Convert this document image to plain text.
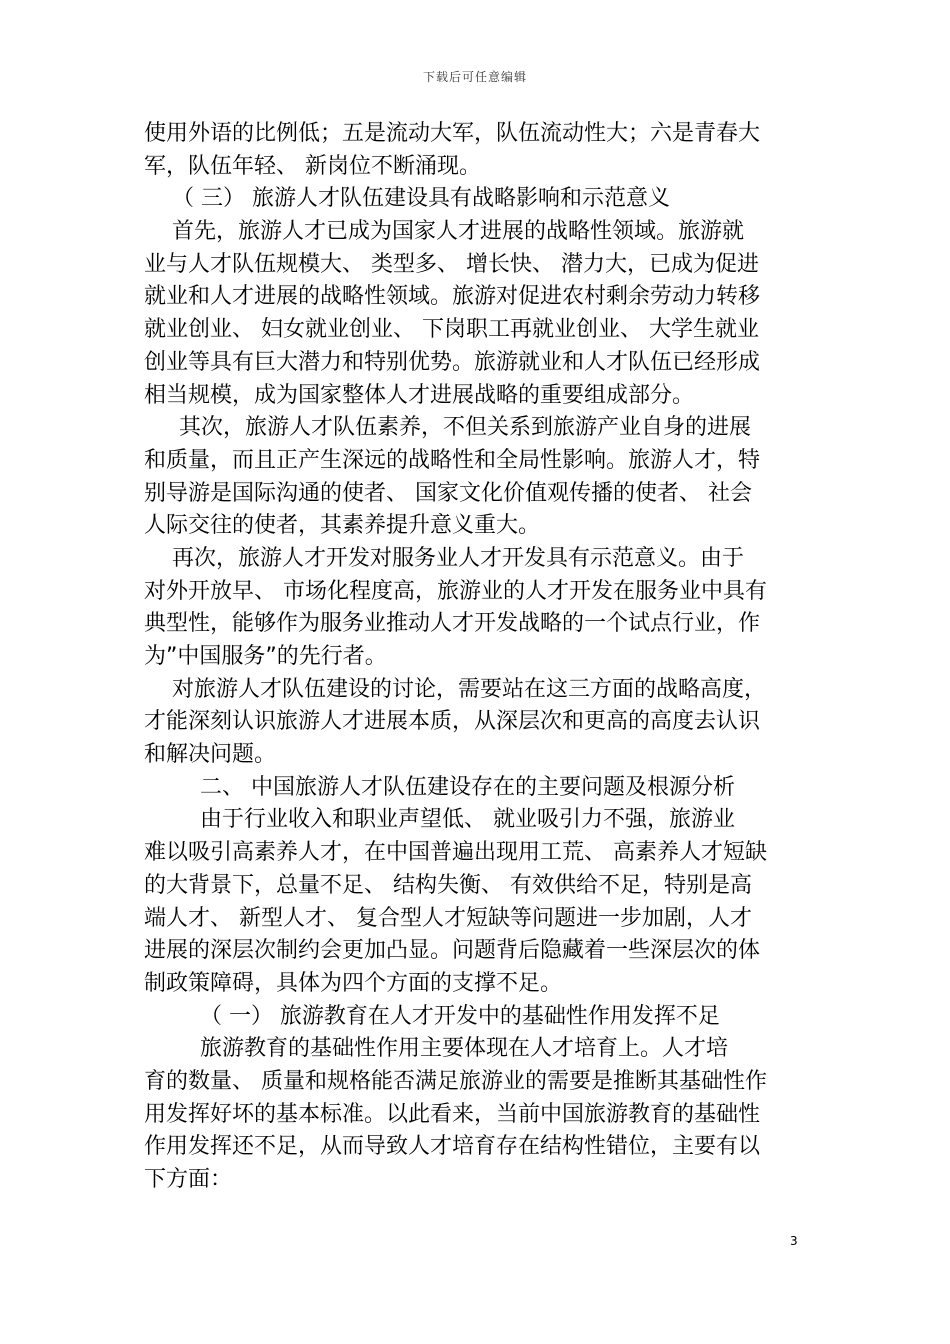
下载后可任意编辑
使用外语的比例低；五是流动大军，队伍流动性大；六是青春大
军，队伍年轻、 新岗位不断涌现。
（ 三） 旅游人才队伍建设具有战略影响和示范意义
首先，旅游人才已成为国家人才进展的战略性领域。旅游就
业与人才队伍规模大、 类型多、 增长快、 潜力大，已成为促进
就业和人才进展的战略性领域。旅游对促进农村剩余劳动力转移
就业创业、 妇女就业创业、 下岗职工再就业创业、 大学生就业
创业等具有巨大潜力和特别优势。旅游就业和人才队伍已经形成
相当规模，成为国家整体人才进展战略的重要组成部分。
其次，旅游人才队伍素养，不但关系到旅游产业自身的进展
和质量，而且正产生深远的战略性和全局性影响。旅游人才，特
别导游是国际沟通的使者、 国家文化价值观传播的使者、 社会
人际交往的使者，其素养提升意义重大。
再次，旅游人才开发对服务业人才开发具有示范意义。由于
对外开放早、 市场化程度高，旅游业的人才开发在服务业中具有
典型性，能够作为服务业推动人才开发战略的一个试点行业，作
为”中国服务”的先行者。
对旅游人才队伍建设的讨论，需要站在这三方面的战略高度，
才能深刻认识旅游人才进展本质，从深层次和更高的高度去认识
和解决问题。
二、 中国旅游人才队伍建设存在的主要问题及根源分析
由于行业收入和职业声望低、 就业吸引力不强，旅游业
难以吸引高素养人才，在中国普遍出现用工荒、 高素养人才短缺
的大背景下，总量不足、 结构失衡、 有效供给不足，特别是高
端人才、 新型人才、 复合型人才短缺等问题进一步加剧，人才
进展的深层次制约会更加凸显。问题背后隐藏着一些深层次的体
制政策障碍，具体为四个方面的支撑不足。
（ 一） 旅游教育在人才开发中的基础性作用发挥不足
旅游教育的基础性作用主要体现在人才培育上。人才培
育的数量、 质量和规格能否满足旅游业的需要是推断其基础性作
用发挥好坏的基本标准。以此看来，当前中国旅游教育的基础性
作用发挥还不足，从而导致人才培育存在结构性错位，主要有以
下方面：
3
